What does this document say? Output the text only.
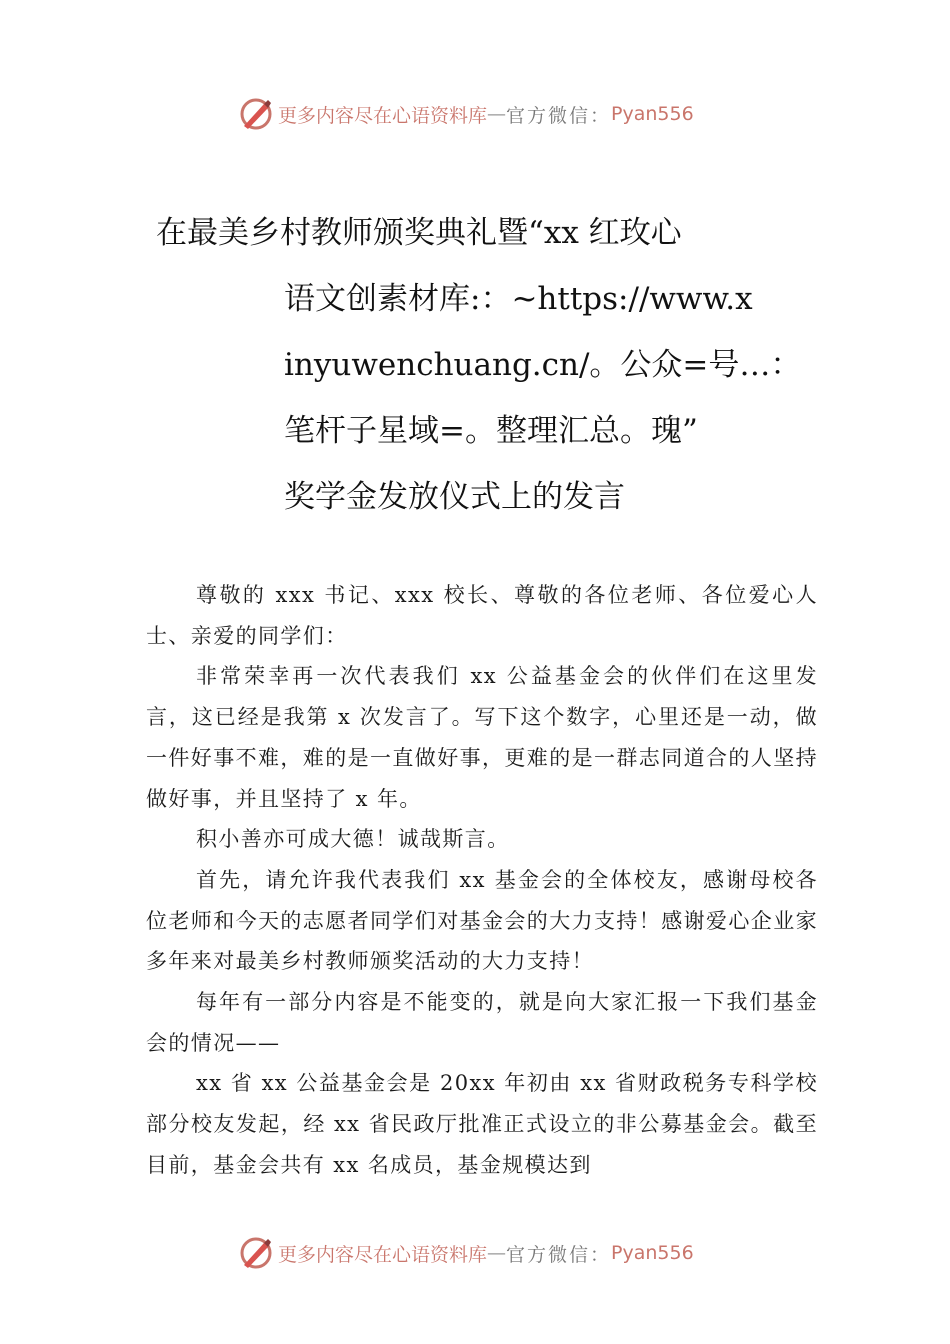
更多内容尽在心语资料库 — 官方微信： Pyan556
在最美乡村教师颁奖典礼暨“xx 红玫心
语文创素材库:：~https://www.x
inyuwenchuang.cn/。公众=号…：
笔杆子星域=。整理汇总。瑰”
奖学金发放仪式上的发言

尊敬的 xxx 书记、xxx 校长、尊敬的各位老师、各位爱心人士、亲爱的同学们：

非常荣幸再一次代表我们 xx 公益基金会的伙伴们在这里发言，这已经是我第 x 次发言了。写下这个数字，心里还是一动，做一件好事不难，难的是一直做好事，更难的是一群志同道合的人坚持做好事，并且坚持了 x 年。

积小善亦可成大德！诚哉斯言。

首先，请允许我代表我们 xx 基金会的全体校友，感谢母校各位老师和今天的志愿者同学们对基金会的大力支持！感谢爱心企业家多年来对最美乡村教师颁奖活动的大力支持！

每年有一部分内容是不能变的，就是向大家汇报一下我们基金会的情况——

xx 省 xx 公益基金会是 20xx 年初由 xx 省财政税务专科学校部分校友发起，经 xx 省民政厅批准正式设立的非公募基金会。截至目前，基金会共有 xx 名成员，基金规模达到

更多内容尽在心语资料库 — 官方微信： Pyan556
